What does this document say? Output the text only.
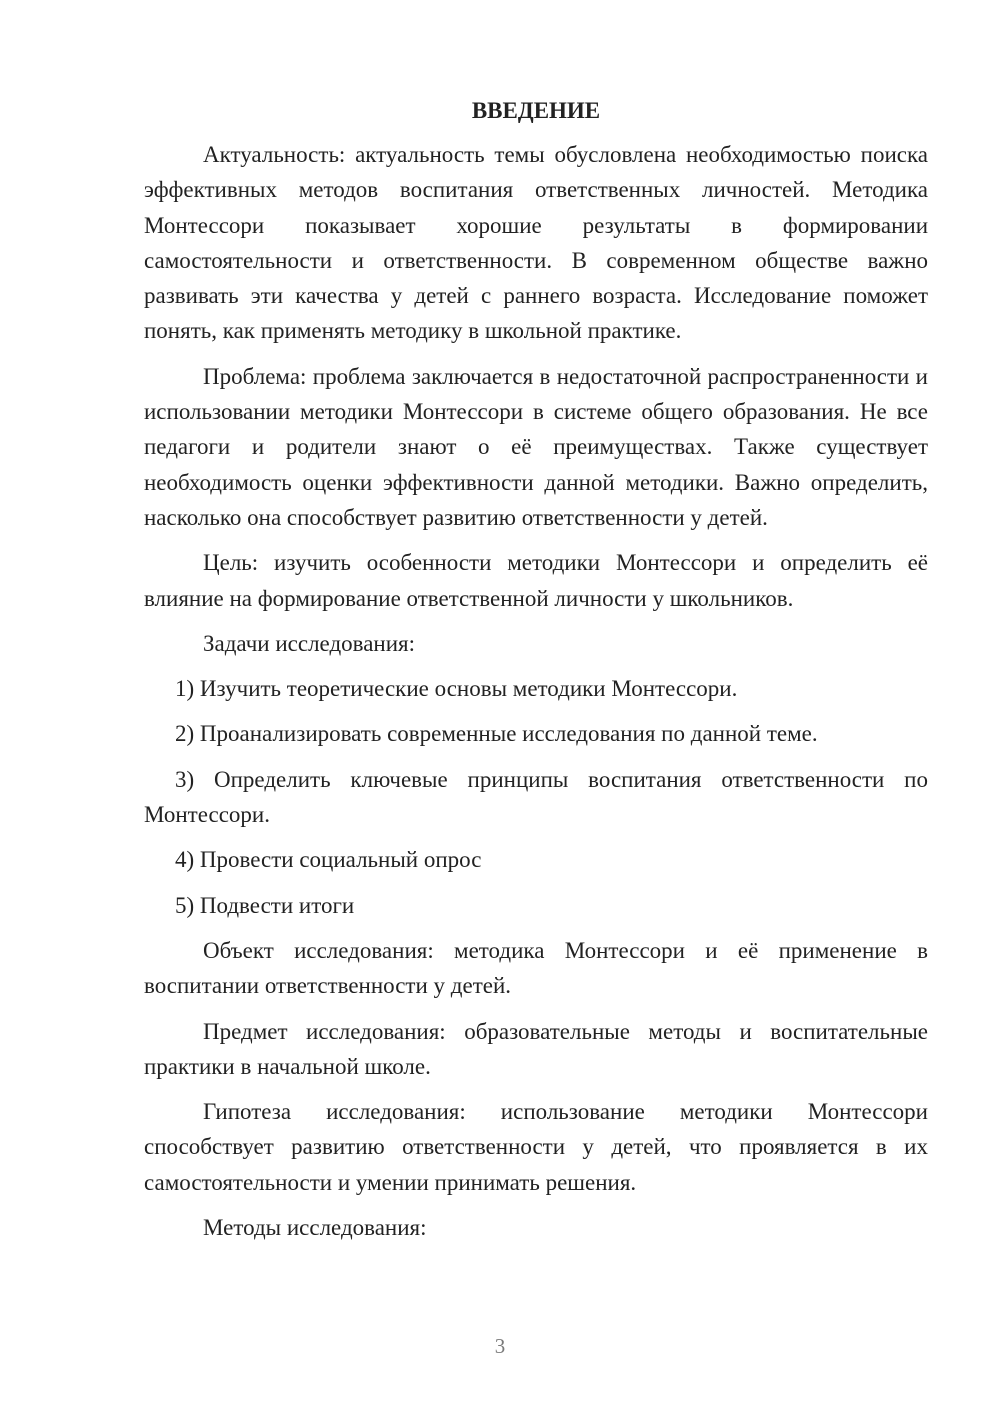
ВВЕДЕНИЕ

Актуальность: актуальность темы обусловлена необходимостью поиска эффективных методов воспитания ответственных личностей. Методика Монтессори показывает хорошие результаты в формировании самостоятельности и ответственности. В современном обществе важно развивать эти качества у детей с раннего возраста. Исследование поможет понять, как применять методику в школьной практике.

Проблема: проблема заключается в недостаточной распространенности и использовании методики Монтессори в системе общего образования. Не все педагоги и родители знают о её преимуществах. Также существует необходимость оценки эффективности данной методики. Важно определить, насколько она способствует развитию ответственности у детей.

Цель: изучить особенности методики Монтессори и определить её влияние на формирование ответственной личности у школьников.

Задачи исследования:

1) Изучить теоретические основы методики Монтессори.

2) Проанализировать современные исследования по данной теме.

3) Определить ключевые принципы воспитания ответственности по Монтессори.

4) Провести социальный опрос

5) Подвести итоги

Объект исследования: методика Монтессори и её применение в воспитании ответственности у детей.

Предмет исследования: образовательные методы и воспитательные практики в начальной школе.

Гипотеза исследования: использование методики Монтессори способствует развитию ответственности у детей, что проявляется в их самостоятельности и умении принимать решения.

Методы исследования:

3
